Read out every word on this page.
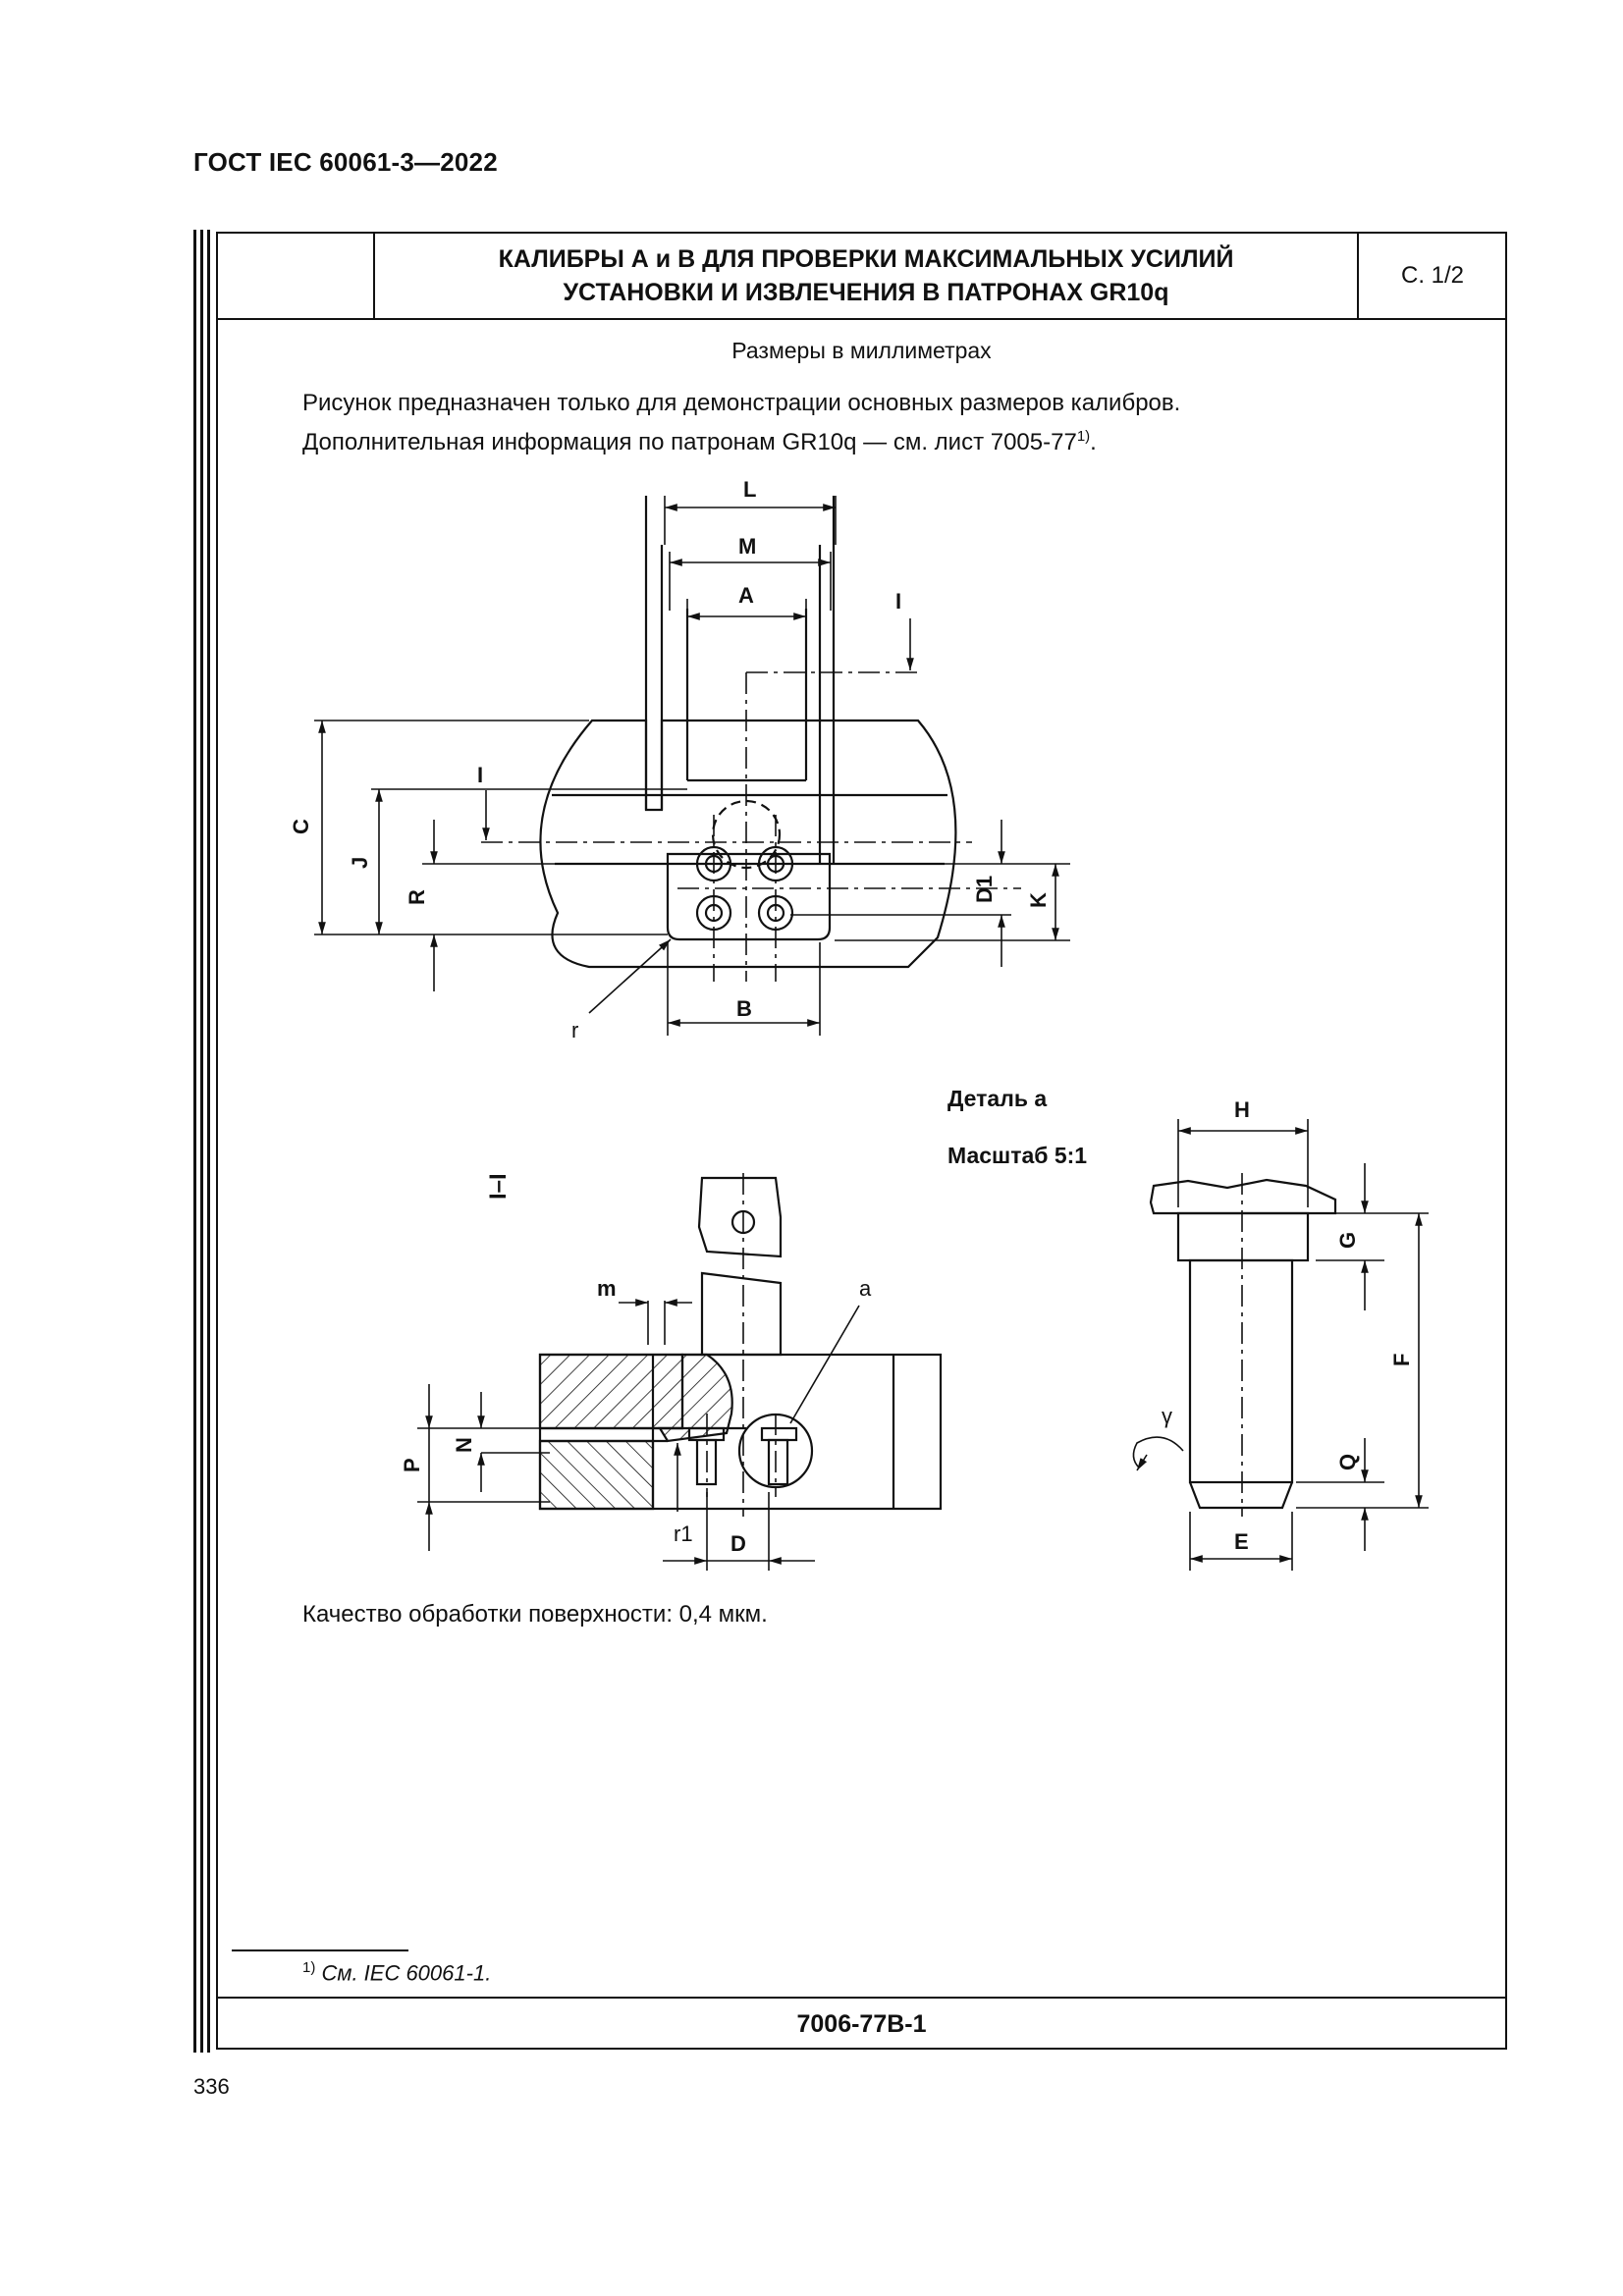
ГОСТ IEC 60061-3—2022
КАЛИБРЫ А и В ДЛЯ ПРОВЕРКИ МАКСИМАЛЬНЫХ УСИЛИЙ
УСТАНОВКИ И ИЗВЛЕЧЕНИЯ В ПАТРОНАХ GR10q
С. 1/2
Размеры в миллиметрах
Рисунок предназначен только для демонстрации основных размеров калибров.
Дополнительная информация по патронам GR10q — см. лист 7005-77$^{1)}$.
Качество обработки поверхности: 0,4 мкм.
$^{1)}$ См. IEC 60061-1.
7006-77B-1
L
M
A	I
I
C
J
R	D1 K
B
r
I–I
m	a
P
N
r1 D
Деталь а
Масштаб 5:1
H
G
F
γ
Q
E
336
